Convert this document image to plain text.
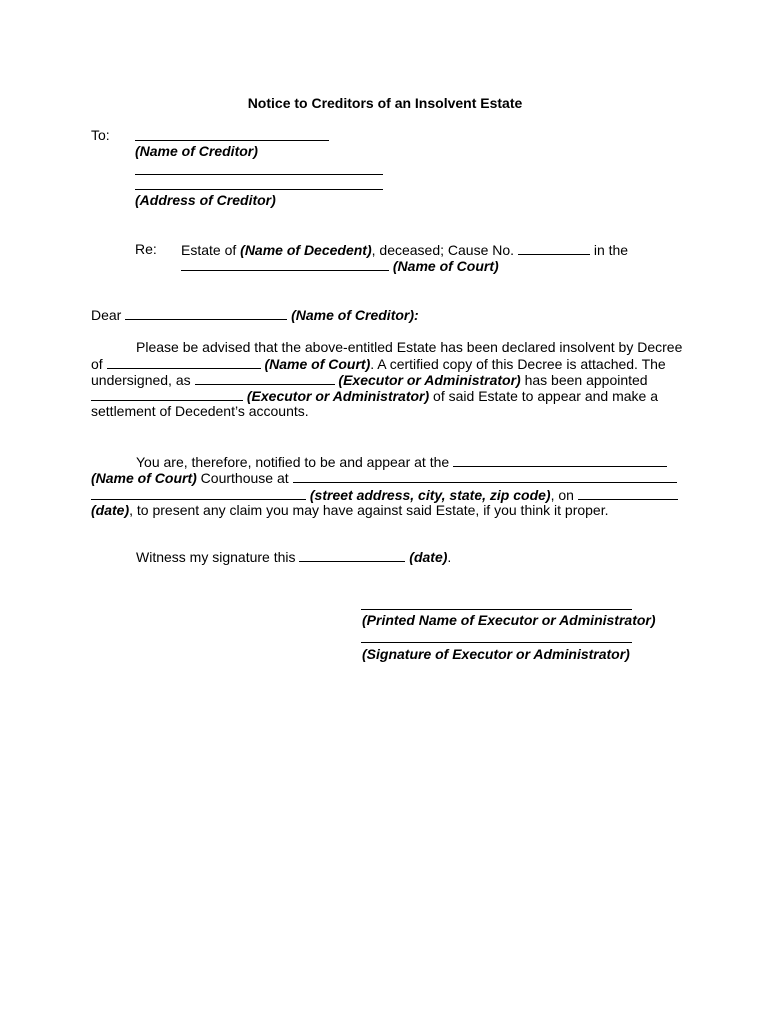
Notice to Creditors of an Insolvent Estate
To:
(Name of Creditor)
(Address of Creditor)
Re: Estate of (Name of Decedent), deceased; Cause No.	in the
(Name of Court)
Dear	(Name of Creditor):
Please be advised that the above-entitled Estate has been declared insolvent by Decree
of	(Name of Court). A certified copy of this Decree is attached. The
undersigned, as	(Executor or Administrator) has been appointed
(Executor or Administrator) of said Estate to appear and make a
settlement of Decedent’s accounts.
You are, therefore, notified to be and appear at the
(Name of Court) Courthouse at
(street address, city, state, zip code), on
(date), to present any claim you may have against said Estate, if you think it proper.
Witness my signature this	(date).
(Printed Name of Executor or Administrator)
(Signature of Executor or Administrator)
